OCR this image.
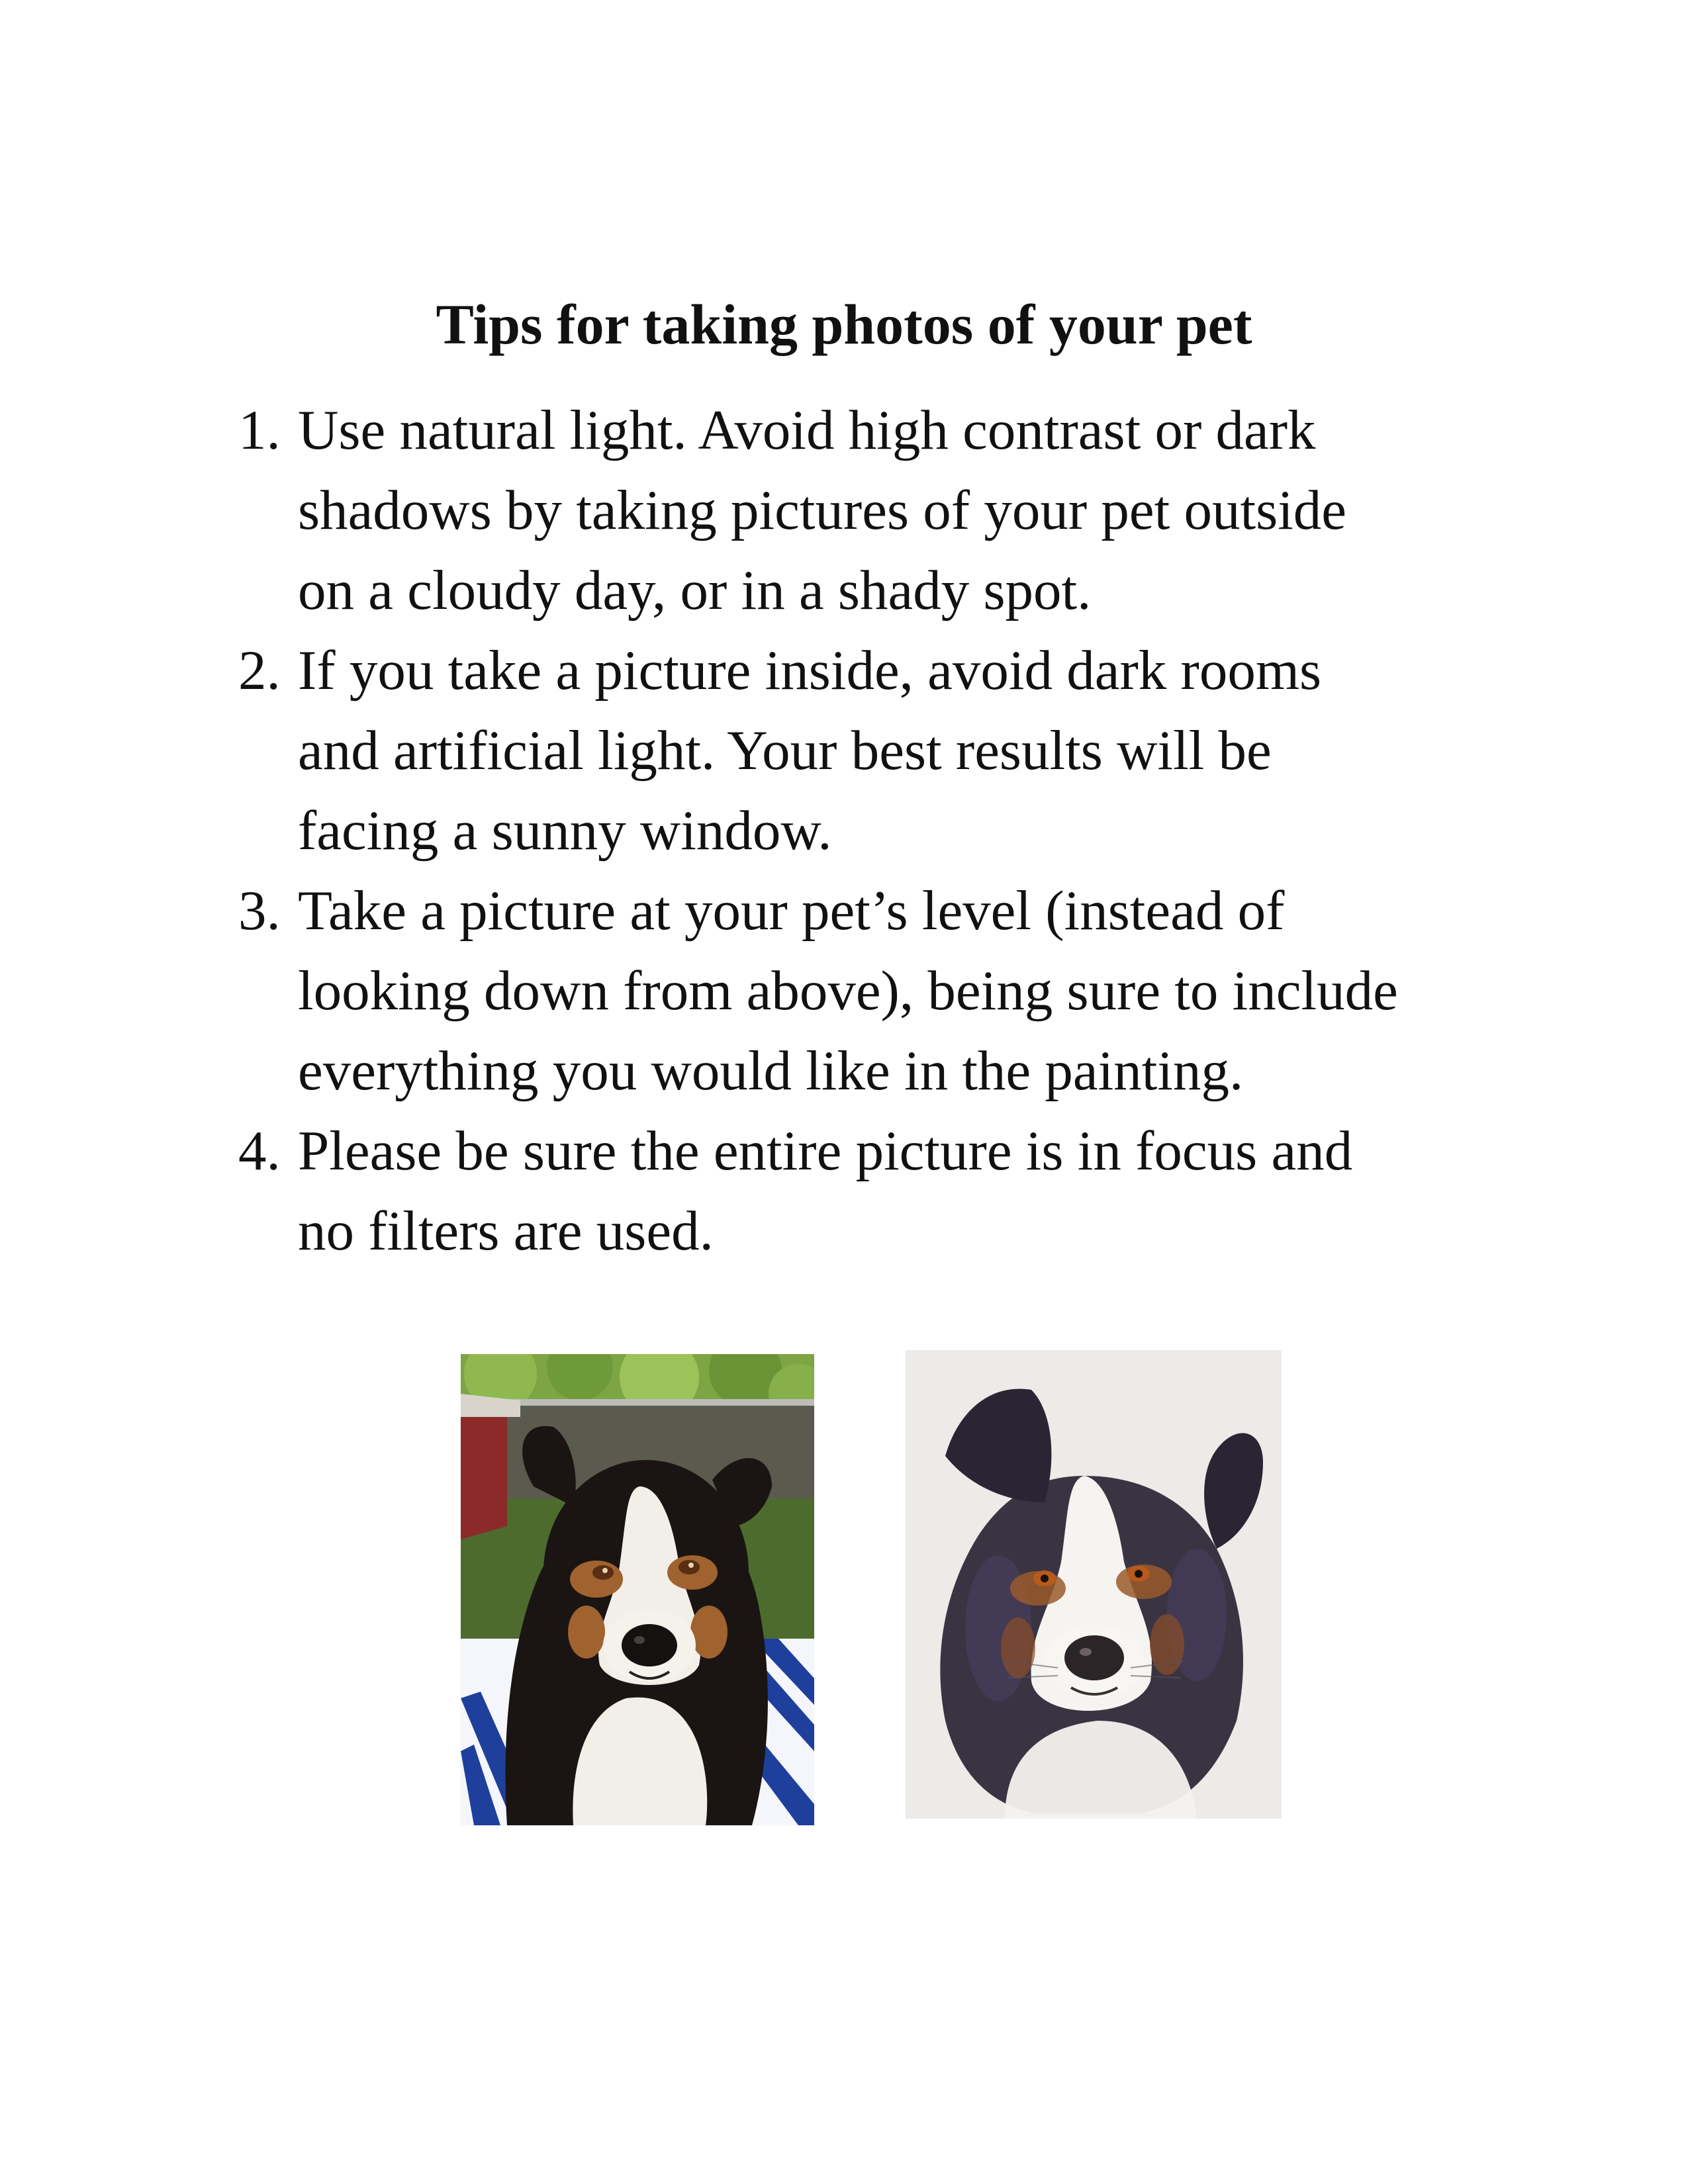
Tips for taking photos of your pet
1. Use natural light. Avoid high contrast or dark
shadows by taking pictures of your pet outside
on a cloudy day, or in a shady spot.
2. If you take a picture inside, avoid dark rooms
and artificial light. Your best results will be
facing a sunny window.
3. Take a picture at your pet’s level (instead of
looking down from above), being sure to include
everything you would like in the painting.
4. Please be sure the entire picture is in focus and
no filters are used.
